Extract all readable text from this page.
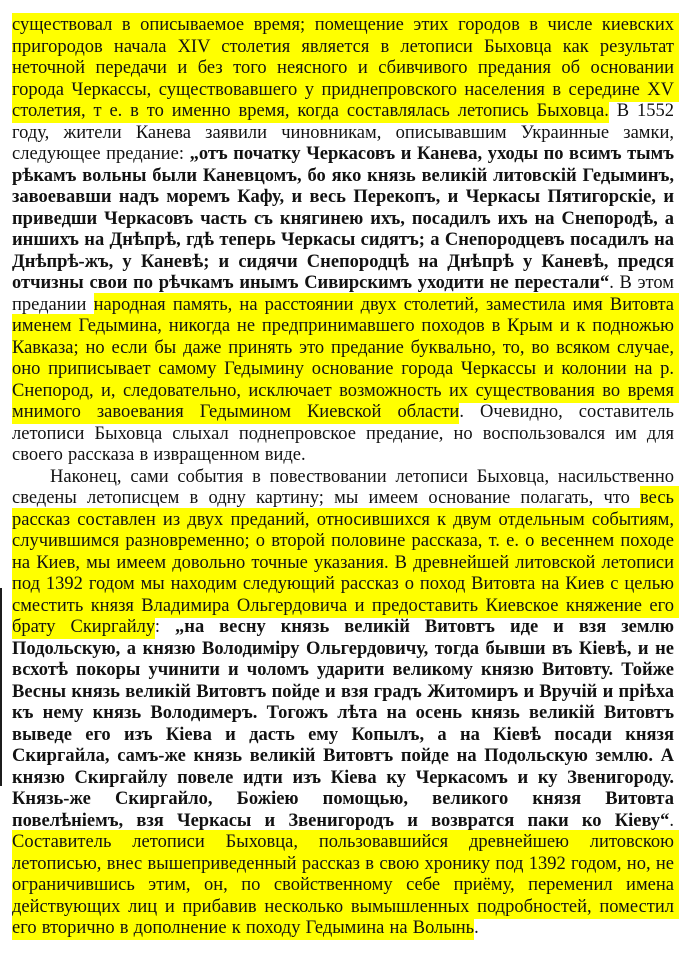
существовал в описываемое время; помещение этих городов в числе киевских пригородов начала XIV столетия является в летописи Быховца как результат неточной передачи и без того неясного и сбивчивого предания об основании города Черкассы, существовавшего у приднепровского населения в середине XV столетия, т е. в то именно время, когда составлялась летопись Быховца. В 1552 году, жители Канева заявили чиновникам, описывавшим Украинные замки, следующее предание: „отъ початку Черкасовъ и Канева, уходы по всимъ тымъ рѣкамъ вольны были Каневцомъ, бо яко князь великій литовскій Гедыминъ, завоевавши надъ моремъ Кафу, и весь Перекопъ, и Черкасы Пятигорскіе, и приведши Черкасовъ часть съ княгинею ихъ, посадилъ ихъ на Снепородѣ, а иншихъ на Днѣпрѣ, гдѣ теперь Черкасы сидятъ; а Снепородцевъ посадилъ на Днѣпрѣ-жъ, у Каневѣ; и сидячи Снепородцѣ на Днѣпрѣ у Каневѣ, предся отчизны свои по рѣчкамъ инымъ Сивирскимъ уходити не перестали“. В этом предании народная память, на расстоянии двух столетий, заместила имя Витовта именем Гедымина, никогда не предпринимавшего походов в Крым и к подножью Кавказа; но если бы даже принять это предание буквально, то, во всяком случае, оно приписывает самому Гедымину основание города Черкассы и колонии на р. Снепород, и, следовательно, исключает возможность их существования во время мнимого завоевания Гедымином Киевской области. Очевидно, составитель летописи Быховца слыхал поднепровское предание, но воспользовался им для своего рассказа в извращенном виде.

Наконец, сами события в повествовании летописи Быховца, насильственно сведены летописцем в одну картину; мы имеем основание полагать, что весь рассказ составлен из двух преданий, относившихся к двум отдельным событиям, случившимся разновременно; о второй половине рассказа, т. е. о весеннем походе на Киев, мы имеем довольно точные указания. В древнейшей литовской летописи под 1392 годом мы находим следующий рассказ о поход Витовта на Киев с целью сместить князя Владимира Ольгердовича и предоставить Киевское княжение его брату Скиргайлу: „на весну князь великій Витовтъ иде и взя землю Подольскую, а князю Володиміру Ольгердовичу, тогда бывши въ Кіевѣ, и не всхотѣ покоры учинити и чоломъ ударити великому князю Витовту. Тойже Весны князь великій Витовтъ пойде и взя градъ Житомиръ и Вручій и пріѣха къ нему князь Володимеръ. Тогожъ лѣта на осень князь великій Витовтъ выведе его изъ Кіева и дасть ему Копылъ, а на Кіевѣ посади князя Скиргайла, самъ-же князь великій Витовтъ пойде на Подольскую землю. А князю Скиргайлу повеле идти изъ Кіева ку Черкасомъ и ку Звенигороду. Князь-же Скиргайло, Божіею помощью, великого князя Витовта повелѣніемъ, взя Черкасы и Звенигородъ и возвратся паки ко Кіеву“. Составитель летописи Быховца, пользовавшийся древнейшею литовскою летописью, внес вышеприведенный рассказ в свою хронику под 1392 годом, но, не ограничившись этим, он, по свойственному себе приёму, переменил имена действующих лиц и прибавив несколько вымышленных подробностей, поместил его вторично в дополнение к походу Гедымина на Волынь.
